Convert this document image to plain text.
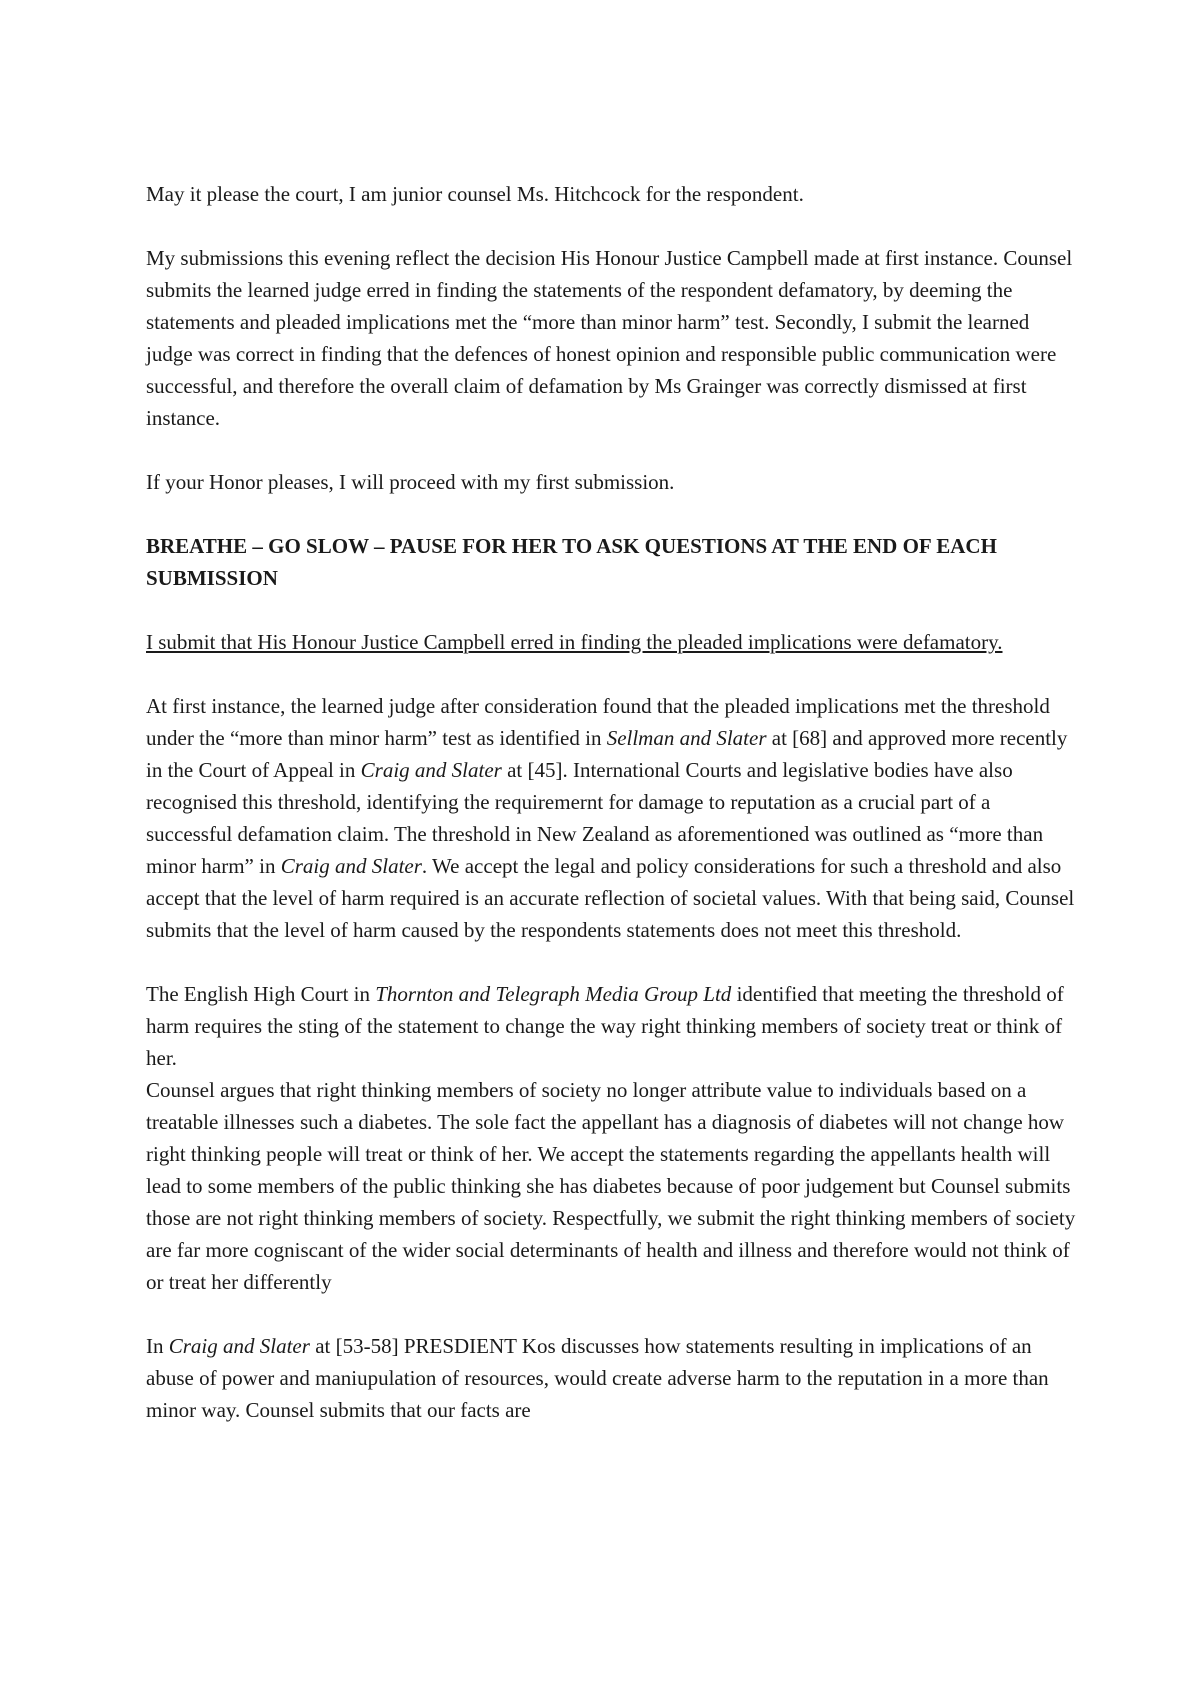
May it please the court, I am junior counsel Ms. Hitchcock for the respondent.

My submissions this evening reflect the decision His Honour Justice Campbell made at first instance. Counsel submits the learned judge erred in finding the statements of the respondent defamatory, by deeming the statements and pleaded implications met the “more than minor harm” test. Secondly, I submit the learned judge was correct in finding that the defences of honest opinion and responsible public communication were successful, and therefore the overall claim of defamation by Ms Grainger was correctly dismissed at first instance.

If your Honor pleases, I will proceed with my first submission.

BREATHE – GO SLOW – PAUSE FOR HER TO ASK QUESTIONS AT THE END OF EACH SUBMISSION

I submit that His Honour Justice Campbell erred in finding the pleaded implications were defamatory.

At first instance, the learned judge after consideration found that the pleaded implications met the threshold under the “more than minor harm” test as identified in Sellman and Slater at [68] and approved more recently in the Court of Appeal in Craig and Slater at [45]. International Courts and legislative bodies have also recognised this threshold, identifying the requiremernt for damage to reputation as a crucial part of a successful defamation claim. The threshold in New Zealand as aforementioned was outlined as “more than minor harm” in Craig and Slater. We accept the legal and policy considerations for such a threshold and also accept that the level of harm required is an accurate reflection of societal values. With that being said, Counsel submits that the level of harm caused by the respondents statements does not meet this threshold.

The English High Court in Thornton and Telegraph Media Group Ltd identified that meeting the threshold of harm requires the sting of the statement to change the way right thinking members of society treat or think of her.

Counsel argues that right thinking members of society no longer attribute value to individuals based on a treatable illnesses such a diabetes. The sole fact the appellant has a diagnosis of diabetes will not change how right thinking people will treat or think of her. We accept the statements regarding the appellants health will lead to some members of the public thinking she has diabetes because of poor judgement but Counsel submits those are not right thinking members of society. Respectfully, we submit the right thinking members of society are far more cogniscant of the wider social determinants of health and illness and therefore would not think of or treat her differently

In Craig and Slater at [53-58] PRESDIENT Kos discusses how statements resulting in implications of an abuse of power and maniupulation of resources, would create adverse harm to the reputation in a more than minor way. Counsel submits that our facts are
